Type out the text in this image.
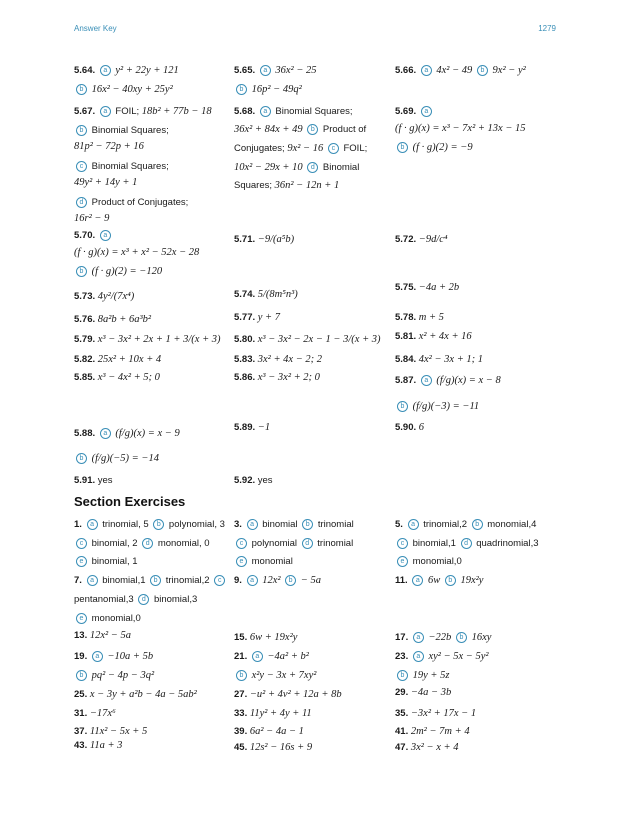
Answer Key	1279
5.64. a y² + 22y + 121
b 16x² − 40xy + 25y²
5.65. a 36x² − 25
b 16p² − 49q²
5.66. a 4x² − 49 b 9x² − y²
5.67. a FOIL; 18b² + 77b − 18
b Binomial Squares;
81p² − 72p + 16
c Binomial Squares;
49y² + 14y + 1
d Product of Conjugates;
16r² − 9
5.68. a Binomial Squares;
36x² + 84x + 49 b Product of
Conjugates; 9x² − 16 c FOIL;
10x² − 29x + 10 d Binomial
Squares; 36n² − 12n + 1
5.69. a
(f · g)(x) = x³ − 7x² + 13x − 15
b (f · g)(2) = −9
5.70. a
(f · g)(x) = x³ + x² − 52x − 28
b (f · g)(2) = −120
5.71. −9/(a⁵b)	5.72. −9d/c⁴
5.73. 4y²/(7x⁴)	5.74. 5/(8m⁵n³)
5.75. −4a + 2b
5.76. 8a²b + 6a³b²	5.77. y + 7	5.78. m + 5
5.79. x³ − 3x² + 2x + 1 + 3/(x + 3)	5.80. x³ − 3x² − 2x − 1 − 3/(x + 3)	5.81. x² + 4x + 16
5.82. 25x² + 10x + 4	5.83. 3x² + 4x − 2; 2	5.84. 4x² − 3x + 1; 1
5.85. x³ − 4x² + 5; 0	5.86. x³ − 3x² + 2; 0	5.87. a (f/g)(x) = x − 8
b (f/g)(−3) = −11
5.88. a (f/g)(x) = x − 9
b (f/g)(−5) = −14
5.89. −1	5.90. 6
5.91. yes	5.92. yes
Section Exercises
1. a trinomial, 5 b polynomial, 3
c binomial, 2 d monomial, 0
e binomial, 1
3. a binomial b trinomial
c polynomial d trinomial
e monomial
5. a trinomial,2 b monomial,4
c binomial,1 d quadrinomial,3
e monomial,0
7. a binomial,1 b trinomial,2 c
pentanomial,3 d binomial,3
e monomial,0
9. a 12x² b − 5a	11. a 6w b 19x²y
13. 12x² − 5a	15. 6w + 19x²y	17. a −22b b 16xy
19. a −10a + 5b
b pq² − 4p − 3q²
21. a −4a² + b²
b x²y − 3x + 7xy²
23. a xy² − 5x − 5y²
b 19y + 5z
25. x − 3y + a²b − 4a − 5ab²	27. −u² + 4v² + 12a + 8b	29. −4a − 3b
31. −17x⁶	33. 11y² + 4y + 11	35. −3x² + 17x − 1
37. 11x² − 5x + 5	39. 6a² − 4a − 1	41. 2m² − 7m + 4
43. 11a + 3	45. 12s² − 16s + 9	47. 3x² − x + 4
